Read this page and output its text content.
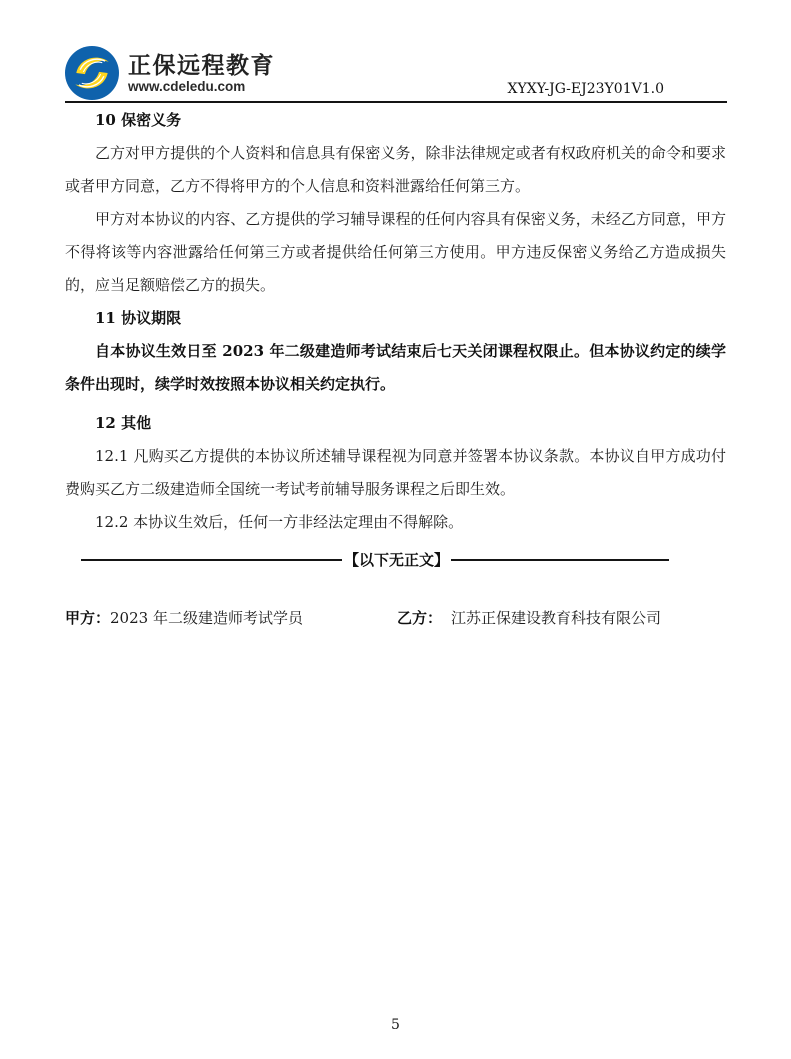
正保远程教育
www.cdeledu.com	XYXY-JG-EJ23Y01V1.0

10 保密义务

乙方对甲方提供的个人资料和信息具有保密义务，除非法律规定或者有权政府机关的命令和要求或者甲方同意，乙方不得将甲方的个人信息和资料泄露给任何第三方。

甲方对本协议的内容、乙方提供的学习辅导课程的任何内容具有保密义务，未经乙方同意，甲方不得将该等内容泄露给任何第三方或者提供给任何第三方使用。甲方违反保密义务给乙方造成损失的，应当足额赔偿乙方的损失。

11 协议期限

自本协议生效日至 2023 年二级建造师考试结束后七天关闭课程权限止。但本协议约定的续学条件出现时，续学时效按照本协议相关约定执行。

12 其他

12.1 凡购买乙方提供的本协议所述辅导课程视为同意并签署本协议条款。本协议自甲方成功付费购买乙方二级建造师全国统一考试考前辅导服务课程之后即生效。

12.2 本协议生效后，任何一方非经法定理由不得解除。

【以下无正文】
甲方：2023 年二级建造师考试学员	乙方： 江苏正保建设教育科技有限公司
5
